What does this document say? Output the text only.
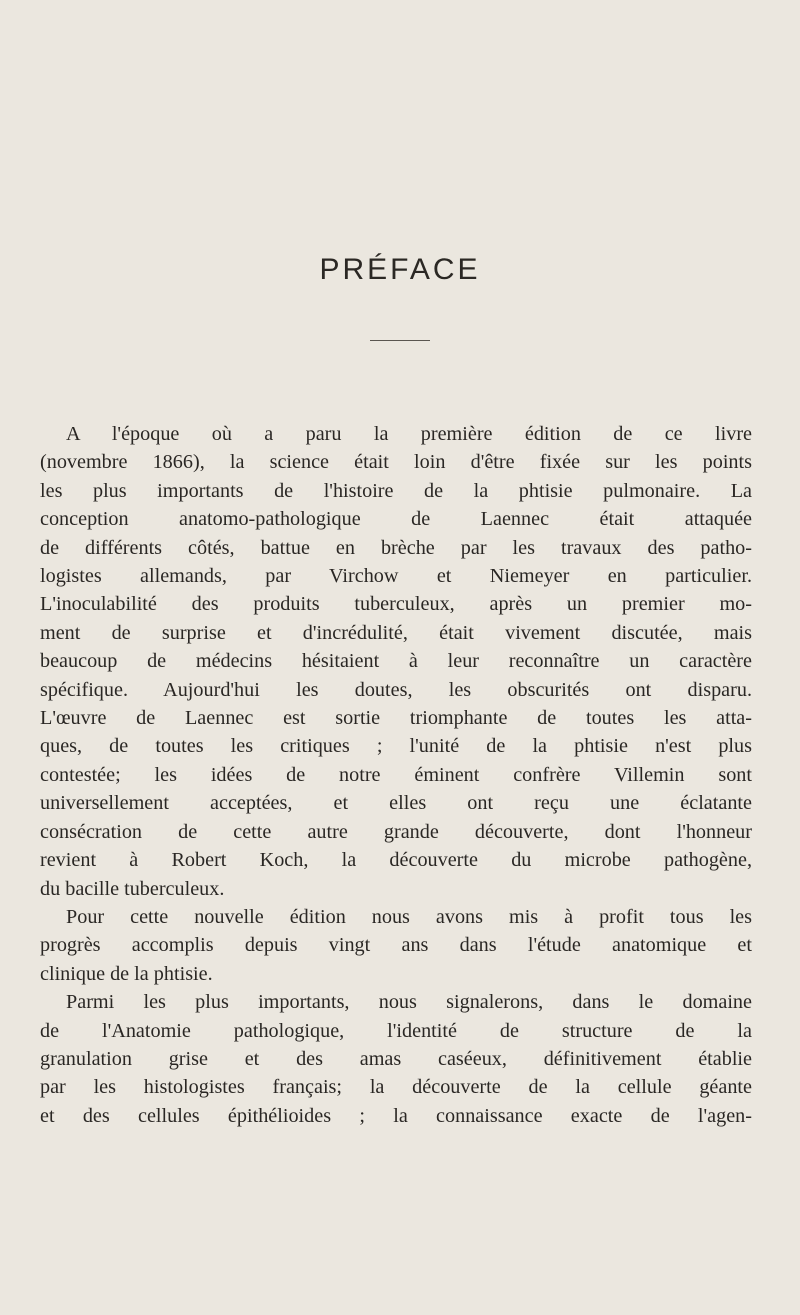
PRÉFACE

A l'époque où a paru la première édition de ce livre

(novembre 1866), la science était loin d'être fixée sur les points

les plus importants de l'histoire de la phtisie pulmonaire. La

conception anatomo-pathologique de Laennec était attaquée

de différents côtés, battue en brèche par les travaux des patho-

logistes allemands, par Virchow et Niemeyer en particulier.

L'inoculabilité des produits tuberculeux, après un premier mo-

ment de surprise et d'incrédulité, était vivement discutée, mais

beaucoup de médecins hésitaient à leur reconnaître un caractère

spécifique. Aujourd'hui les doutes, les obscurités ont disparu.

L'œuvre de Laennec est sortie triomphante de toutes les atta-

ques, de toutes les critiques ; l'unité de la phtisie n'est plus

contestée; les idées de notre éminent confrère Villemin sont

universellement acceptées, et elles ont reçu une éclatante

consécration de cette autre grande découverte, dont l'honneur

revient à Robert Koch, la découverte du microbe pathogène,

du bacille tuberculeux.

Pour cette nouvelle édition nous avons mis à profit tous les

progrès accomplis depuis vingt ans dans l'étude anatomique et

clinique de la phtisie.

Parmi les plus importants, nous signalerons, dans le domaine

de l'Anatomie pathologique, l'identité de structure de la

granulation grise et des amas caséeux, définitivement établie

par les histologistes français; la découverte de la cellule géante

et des cellules épithélioides ; la connaissance exacte de l'agen-
